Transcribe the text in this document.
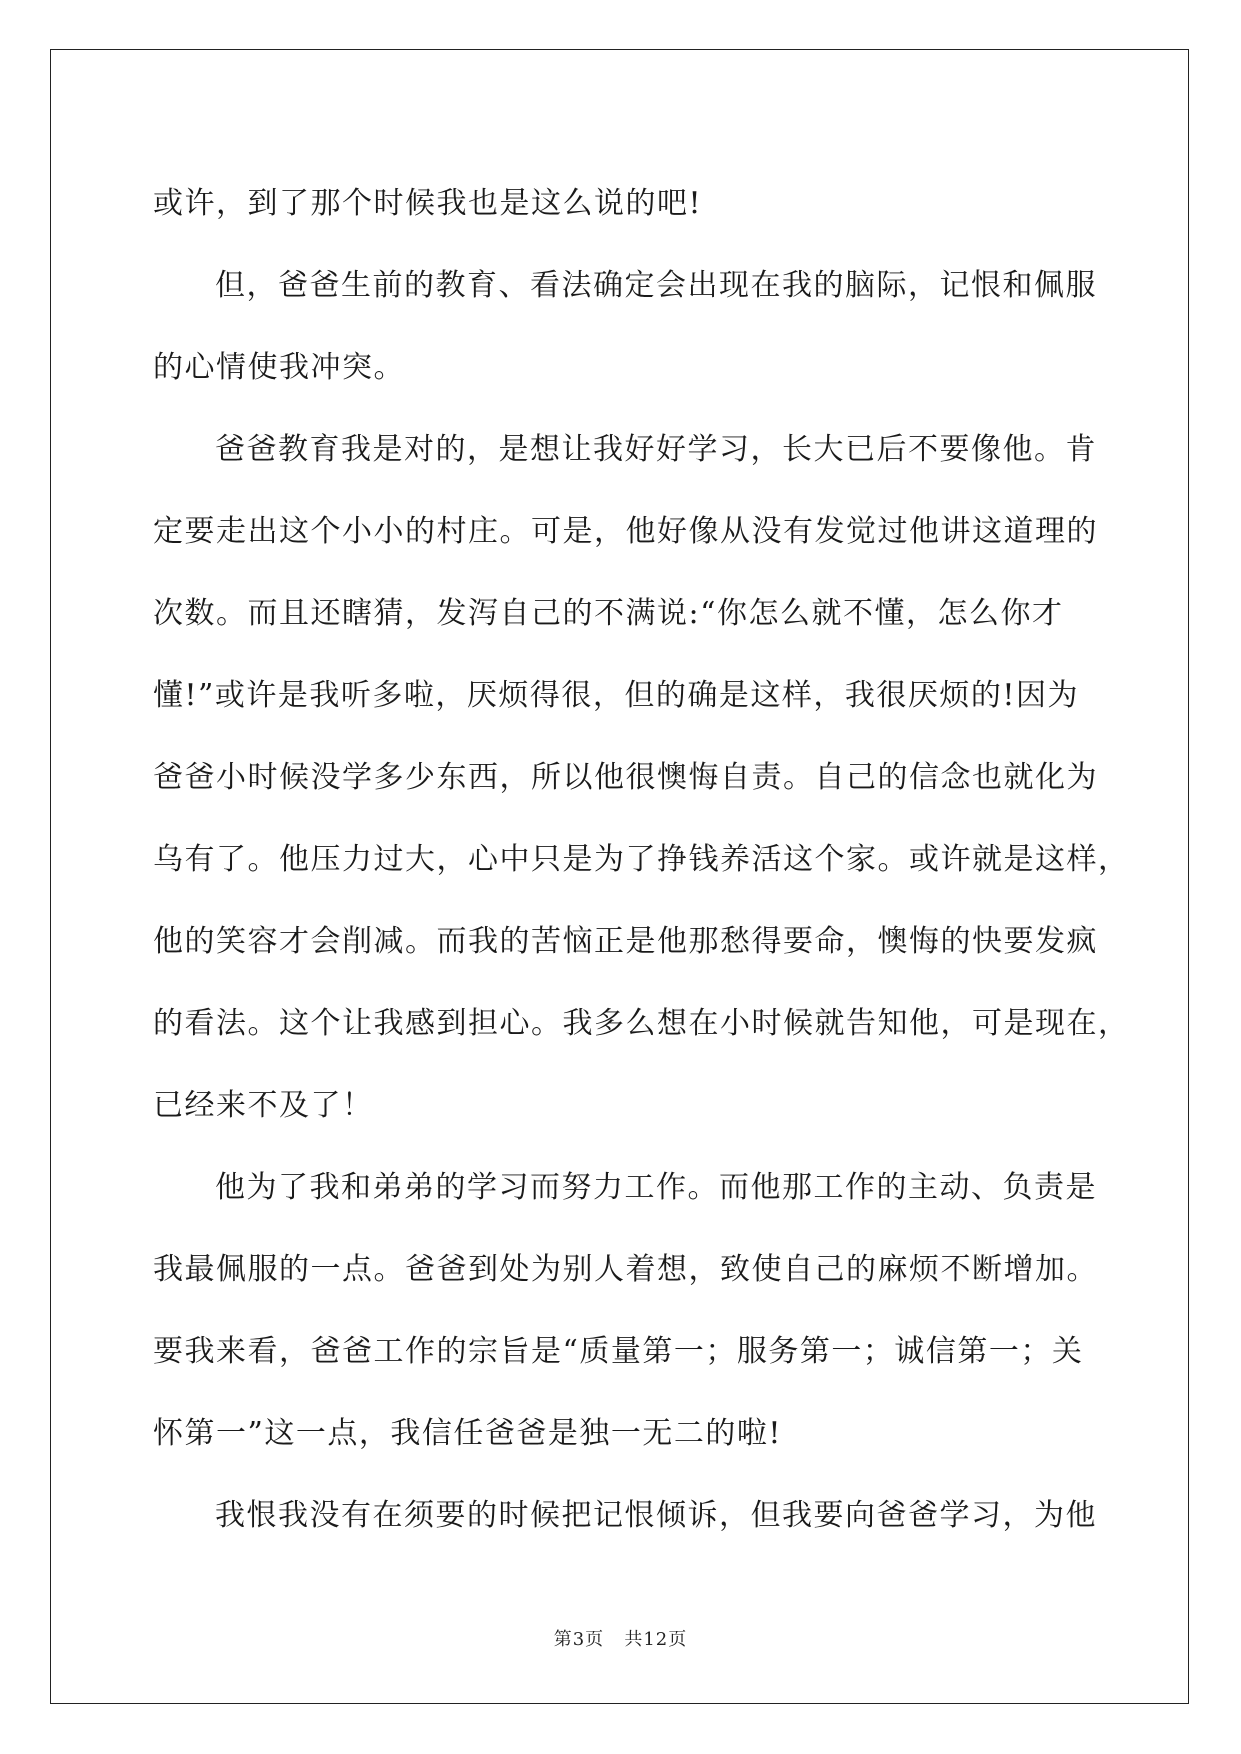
或许，到了那个时候我也是这么说的吧!
但，爸爸生前的教育、看法确定会出现在我的脑际，记恨和佩服
的心情使我冲突。
爸爸教育我是对的，是想让我好好学习，长大已后不要像他。肯
定要走出这个小小的村庄。可是，他好像从没有发觉过他讲这道理的
次数。而且还瞎猜，发泻自己的不满说:“你怎么就不懂，怎么你才
懂!”或许是我听多啦，厌烦得很，但的确是这样，我很厌烦的!因为
爸爸小时候没学多少东西，所以他很懊悔自责。自己的信念也就化为
乌有了。他压力过大，心中只是为了挣钱养活这个家。或许就是这样，
他的笑容才会削减。而我的苦恼正是他那愁得要命，懊悔的快要发疯
的看法。这个让我感到担心。我多么想在小时候就告知他，可是现在，
已经来不及了！
他为了我和弟弟的学习而努力工作。而他那工作的主动、负责是
我最佩服的一点。爸爸到处为别人着想，致使自己的麻烦不断增加。
要我来看，爸爸工作的宗旨是“质量第一；服务第一；诚信第一；关
怀第一”这一点，我信任爸爸是独一无二的啦!
我恨我没有在须要的时候把记恨倾诉，但我要向爸爸学习，为他
第3页   共12页
